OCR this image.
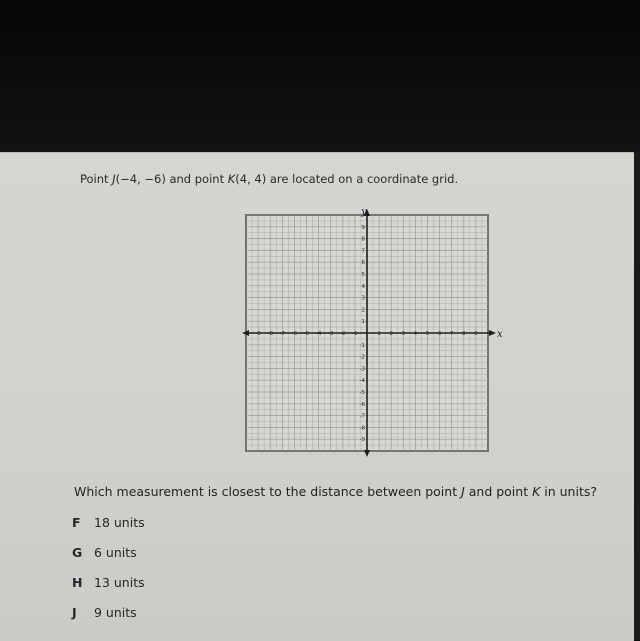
Point J(−4, −6) and point K(4, 4) are located on a coordinate grid.

x
y
-9 -8 -7 -6 -5 -4 -3 -2 -1	1 2 3 4 5 6 7 8 9
9
8
7
6
5
4
3
2
1
-1
-2
-3
-4
-5
-6
-7
-8
-9

Which measurement is closest to the distance between point J and point K in units?

F	18 units
G 6 units
H 13 units
J	9 units
